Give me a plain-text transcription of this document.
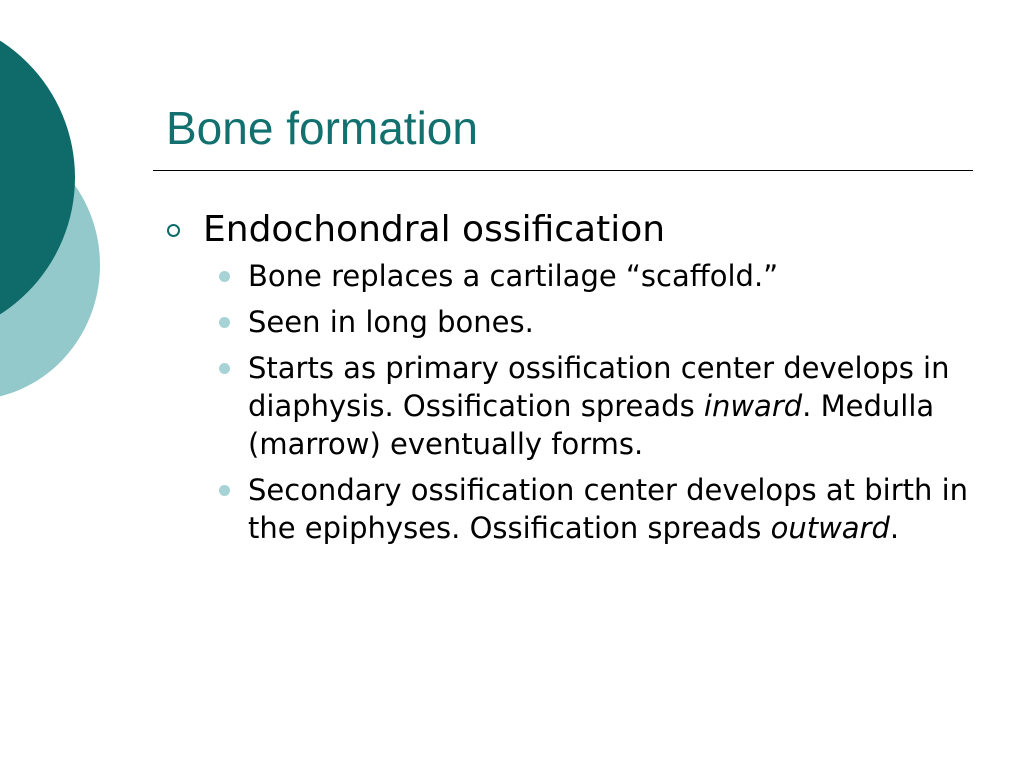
Bone formation
Endochondral ossification
Bone replaces a cartilage “scaffold.”
Seen in long bones.
Starts as primary ossification center develops in diaphysis. Ossification spreads inward. Medulla (marrow) eventually forms.
Secondary ossification center develops at birth in the epiphyses. Ossification spreads outward.
